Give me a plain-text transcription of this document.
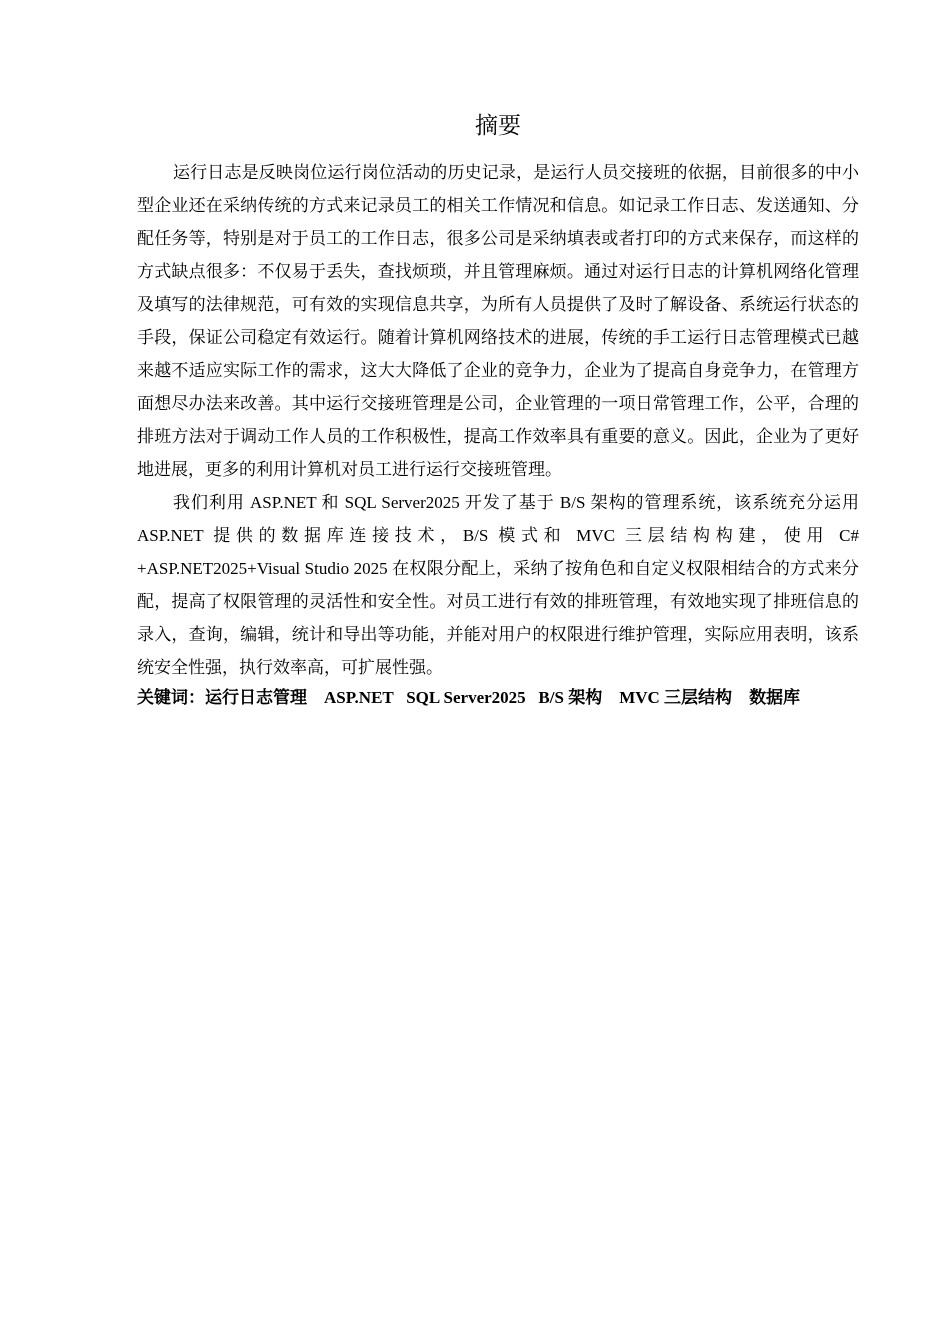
摘要

运行日志是反映岗位运行岗位活动的历史记录，是运行人员交接班的依据，目前很多的中小型企业还在采纳传统的方式来记录员工的相关工作情况和信息。如记录工作日志、发送通知、分配任务等，特别是对于员工的工作日志，很多公司是采纳填表或者打印的方式来保存，而这样的方式缺点很多：不仅易于丢失，查找烦琐，并且管理麻烦。通过对运行日志的计算机网络化管理及填写的法律规范，可有效的实现信息共享，为所有人员提供了及时了解设备、系统运行状态的手段，保证公司稳定有效运行。随着计算机网络技术的进展，传统的手工运行日志管理模式已越来越不适应实际工作的需求，这大大降低了企业的竞争力，企业为了提高自身竞争力，在管理方面想尽办法来改善。其中运行交接班管理是公司，企业管理的一项日常管理工作，公平，合理的排班方法对于调动工作人员的工作积极性，提高工作效率具有重要的意义。因此，企业为了更好地进展，更多的利用计算机对员工进行运行交接班管理。

我们利用 ASP.NET 和 SQL Server2025 开发了基于 B/S 架构的管理系统，该系统充分运用 ASP.NET 提供的数据库连接技术，B/S 模式和 MVC 三层结构构建，使用 C# +ASP.NET2025+Visual Studio 2025 在权限分配上，采纳了按角色和自定义权限相结合的方式来分配，提高了权限管理的灵活性和安全性。对员工进行有效的排班管理，有效地实现了排班信息的录入，查询，编辑，统计和导出等功能，并能对用户的权限进行维护管理，实际应用表明，该系统安全性强，执行效率高，可扩展性强。

关键词：运行日志管理 ASP.NET SQL Server2025 B/S 架构 MVC 三层结构 数据库
